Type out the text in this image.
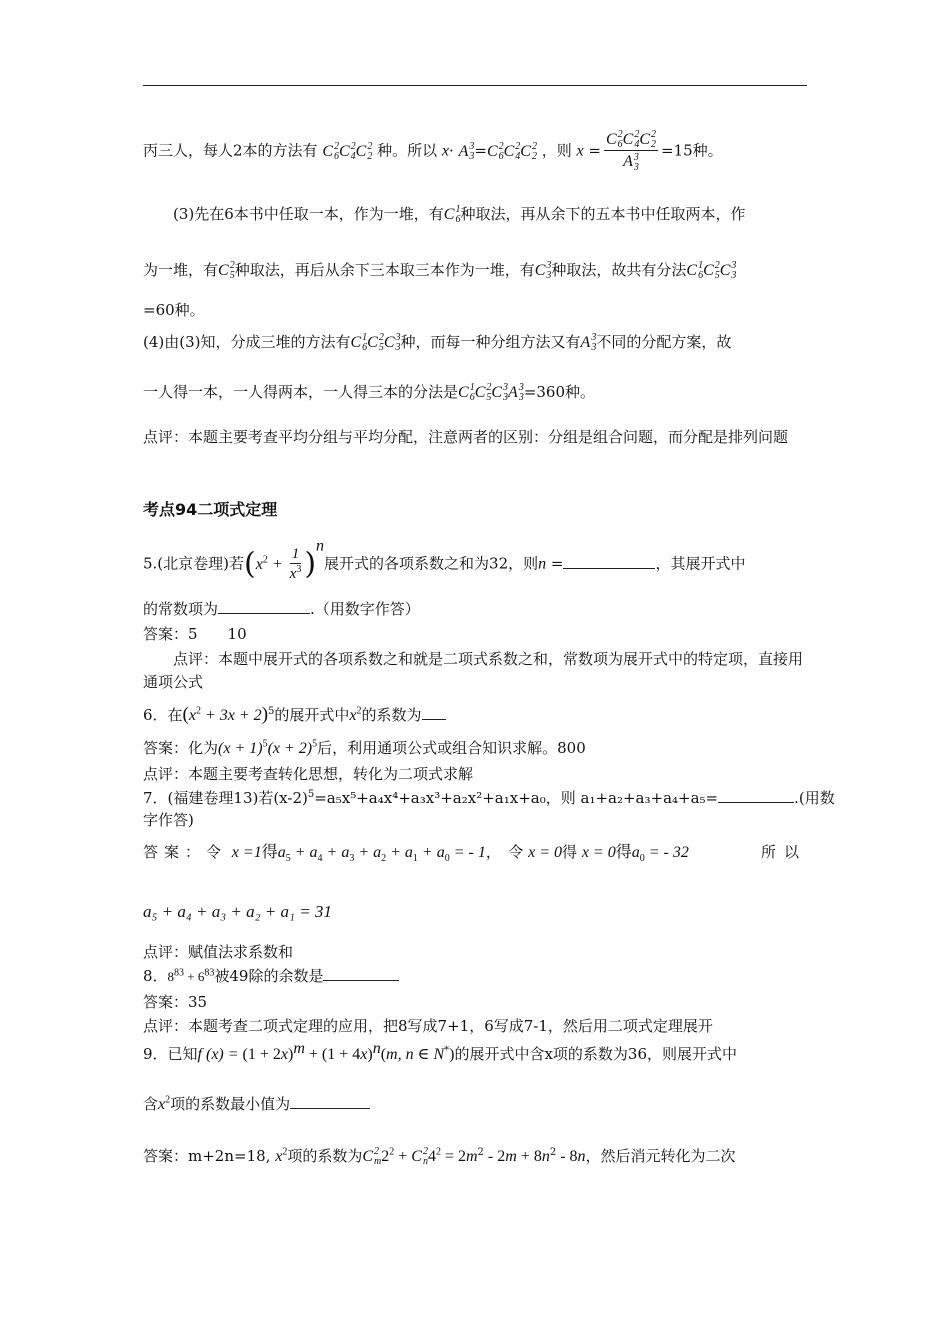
丙三人，每人2本的方法有 C 2
6 C 2
4 C 2
2 种。所以 x· A 3
3 =C 2
6 C 2
4 C 2
2 ，则 x = C 2
6 C 2
4 C 2
2
A 3
3 =15种。
(3)先在6本书中任取一本，作为一堆，有C 1
6 种取法，再从余下的五本书中任取两本，作
为一堆，有C 2
5 种取法，再后从余下三本取三本作为一堆，有C 3
3 种取法，故共有分法C 1
6 C 2
5 C 3
3
=60种。
(4)由(3)知，分成三堆的方法有C 1
6 C 2
5 C 3
3 种，而每一种分组方法又有A 3
3 不同的分配方案，故
一人得一本，一人得两本，一人得三本的分法是C 1
6 C 2
5 C 3
3 A 3
3 =360种。
点评：本题主要考查平均分组与平均分配，注意两者的区别：分组是组合问题，而分配是排列问题
考点94二项式定理
5.(北京卷理)若$(x^2 + \frac{1}{x^3} )^n$展开式的各项系数之和为32，则n =	，其展开式中
的常数项为	.（用数字作答）
答案：5　　10
点评：本题中展开式的各项系数之和就是二项式系数之和，常数项为展开式中的特定项，直接用通项公式
6．在$(x^2 + 3x + 2)^5$的展开式中$x^2$的系数为
答案：化为$(x + 1)^5(x + 2)^5$后，利用通项公式或组合知识求解。800
点评：本题主要考查转化思想，转化为二项式求解
7．(福建卷理13)若$(x-2)^5=a_5x^5+a_4x^4+a_3x^3+a_2x^2+a_1x+a_0$，则 a₁+a₂+a₃+a₄+a₅=	.(用数
字作答)
答案：令 x =1得$a_5 + a_4 + a_3 + a_2 + a_1 + a_0$ = - 1，　令 x = 0得 x = 0得$a_0$ = - 32	所以
a₅ + a₄ + a₃ + a₂ + a₁ = 31
点评：赋值法求系数和
8．$8^{83} + 6^{83}$被49除的余数是
答案：35
点评：本题考查二项式定理的应用，把8写成7+1，6写成7-1，然后用二项式定理展开
9．已知f $(x) = (1 + 2x)^m + (1 + 4x)^n(m$, n ∈ N*)的展开式中含x项的系数为36，则展开式中
含$x^2$项的系数最小值为
答案：m+2n=18, $x^2$项的系数为C 2
m $2^2 + C$ 2
n $4^2 = 2m^2 - 2m + 8n^2 - 8n$，然后消元转化为二次
